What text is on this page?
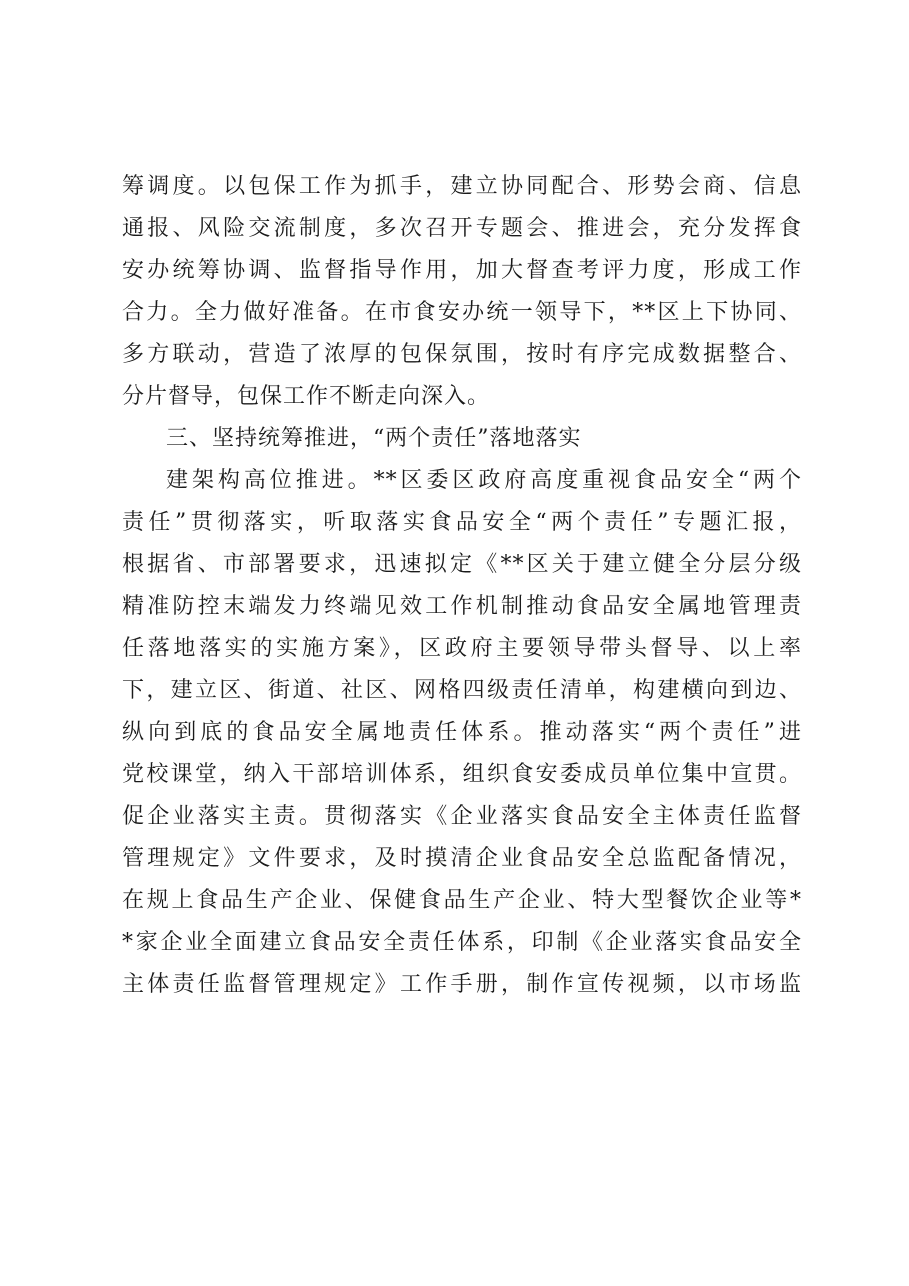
筹调度。以包保工作为抓手，建立协同配合、形势会商、信息
通报、风险交流制度，多次召开专题会、推进会，充分发挥食
安办统筹协调、监督指导作用，加大督查考评力度，形成工作
合力。全力做好准备。在市食安办统一领导下，**区上下协同、
多方联动，营造了浓厚的包保氛围，按时有序完成数据整合、
分片督导，包保工作不断走向深入。
三、坚持统筹推进，“两个责任”落地落实
建架构高位推进。**区委区政府高度重视食品安全“两个
责任”贯彻落实，听取落实食品安全“两个责任”专题汇报，
根据省、市部署要求，迅速拟定《**区关于建立健全分层分级
精准防控末端发力终端见效工作机制推动食品安全属地管理责
任落地落实的实施方案》，区政府主要领导带头督导、以上率
下，建立区、街道、社区、网格四级责任清单，构建横向到边、
纵向到底的食品安全属地责任体系。推动落实“两个责任”进
党校课堂，纳入干部培训体系，组织食安委成员单位集中宣贯。
促企业落实主责。贯彻落实《企业落实食品安全主体责任监督
管理规定》文件要求，及时摸清企业食品安全总监配备情况，
在规上食品生产企业、保健食品生产企业、特大型餐饮企业等*
*家企业全面建立食品安全责任体系，印制《企业落实食品安全
主体责任监督管理规定》工作手册，制作宣传视频，以市场监
